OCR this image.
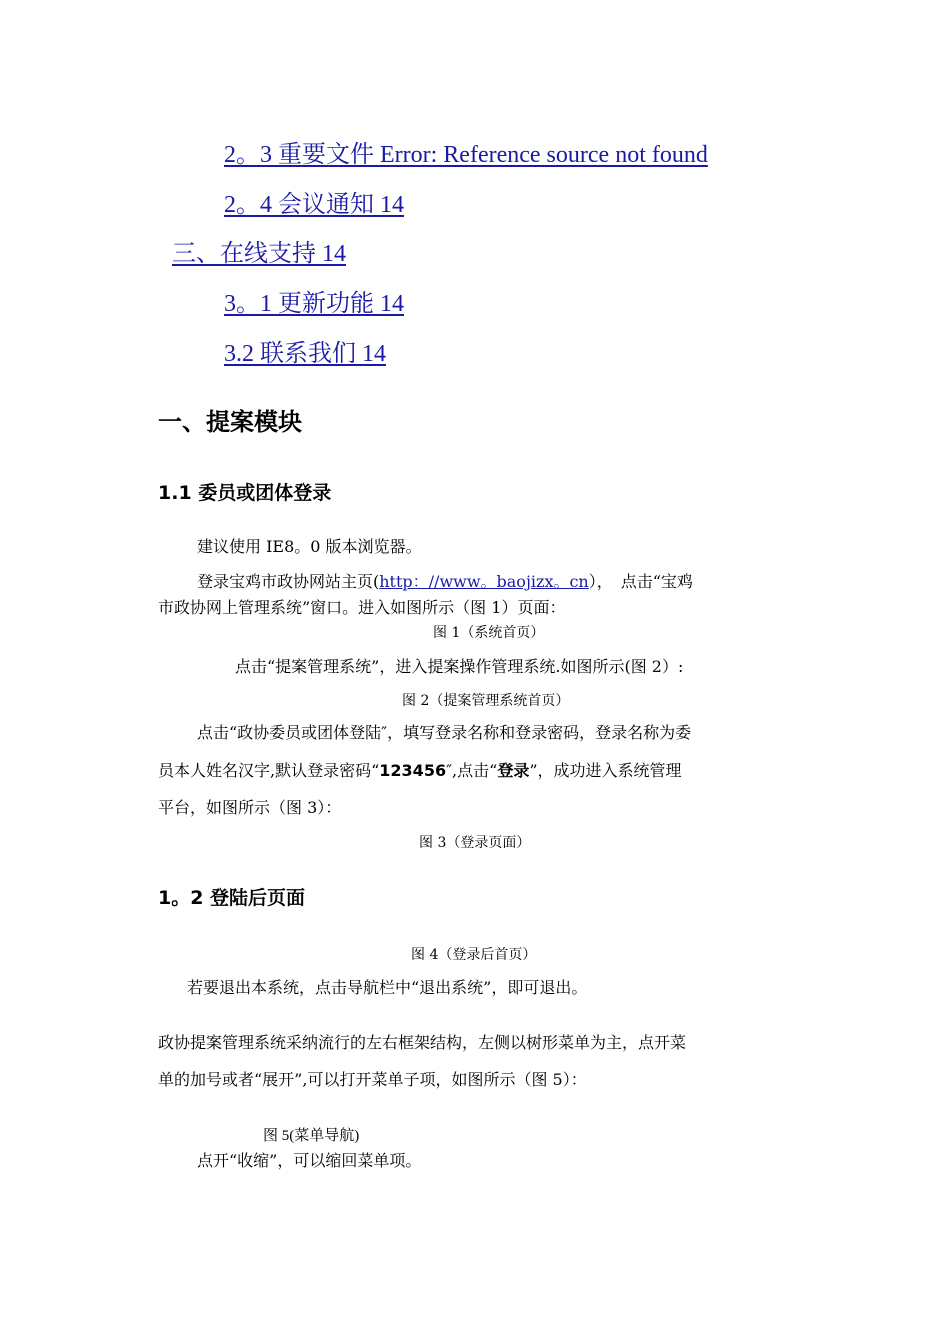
2。3 重要文件 Error: Reference source not found
2。4 会议通知 14
三、在线支持 14
3。1 更新功能 14
3.2 联系我们 14
一、提案模块
1.1 委员或团体登录
建议使用 IE8。0 版本浏览器。
登录宝鸡市政协网站主页(http：//www。baojizx。cn），　点击“宝鸡
市政协网上管理系统”窗口。进入如图所示（图 1）页面：
图 1（系统首页）
点击“提案管理系统”，进入提案操作管理系统.如图所示(图 2）:
图 2（提案管理系统首页）
点击“政协委员或团体登陆″，填写登录名称和登录密码，登录名称为委
员本人姓名汉字,默认登录密码“123456″,点击“登录”，成功进入系统管理
平台，如图所示（图 3）：
图 3（登录页面）
1。2 登陆后页面
图 4（登录后首页）
若要退出本系统，点击导航栏中“退出系统”，即可退出。
政协提案管理系统采纳流行的左右框架结构，左侧以树形菜单为主，点开菜
单的加号或者“展开”,可以打开菜单子项，如图所示（图 5）：
图 5(菜单导航)
点开“收缩”，可以缩回菜单项。
